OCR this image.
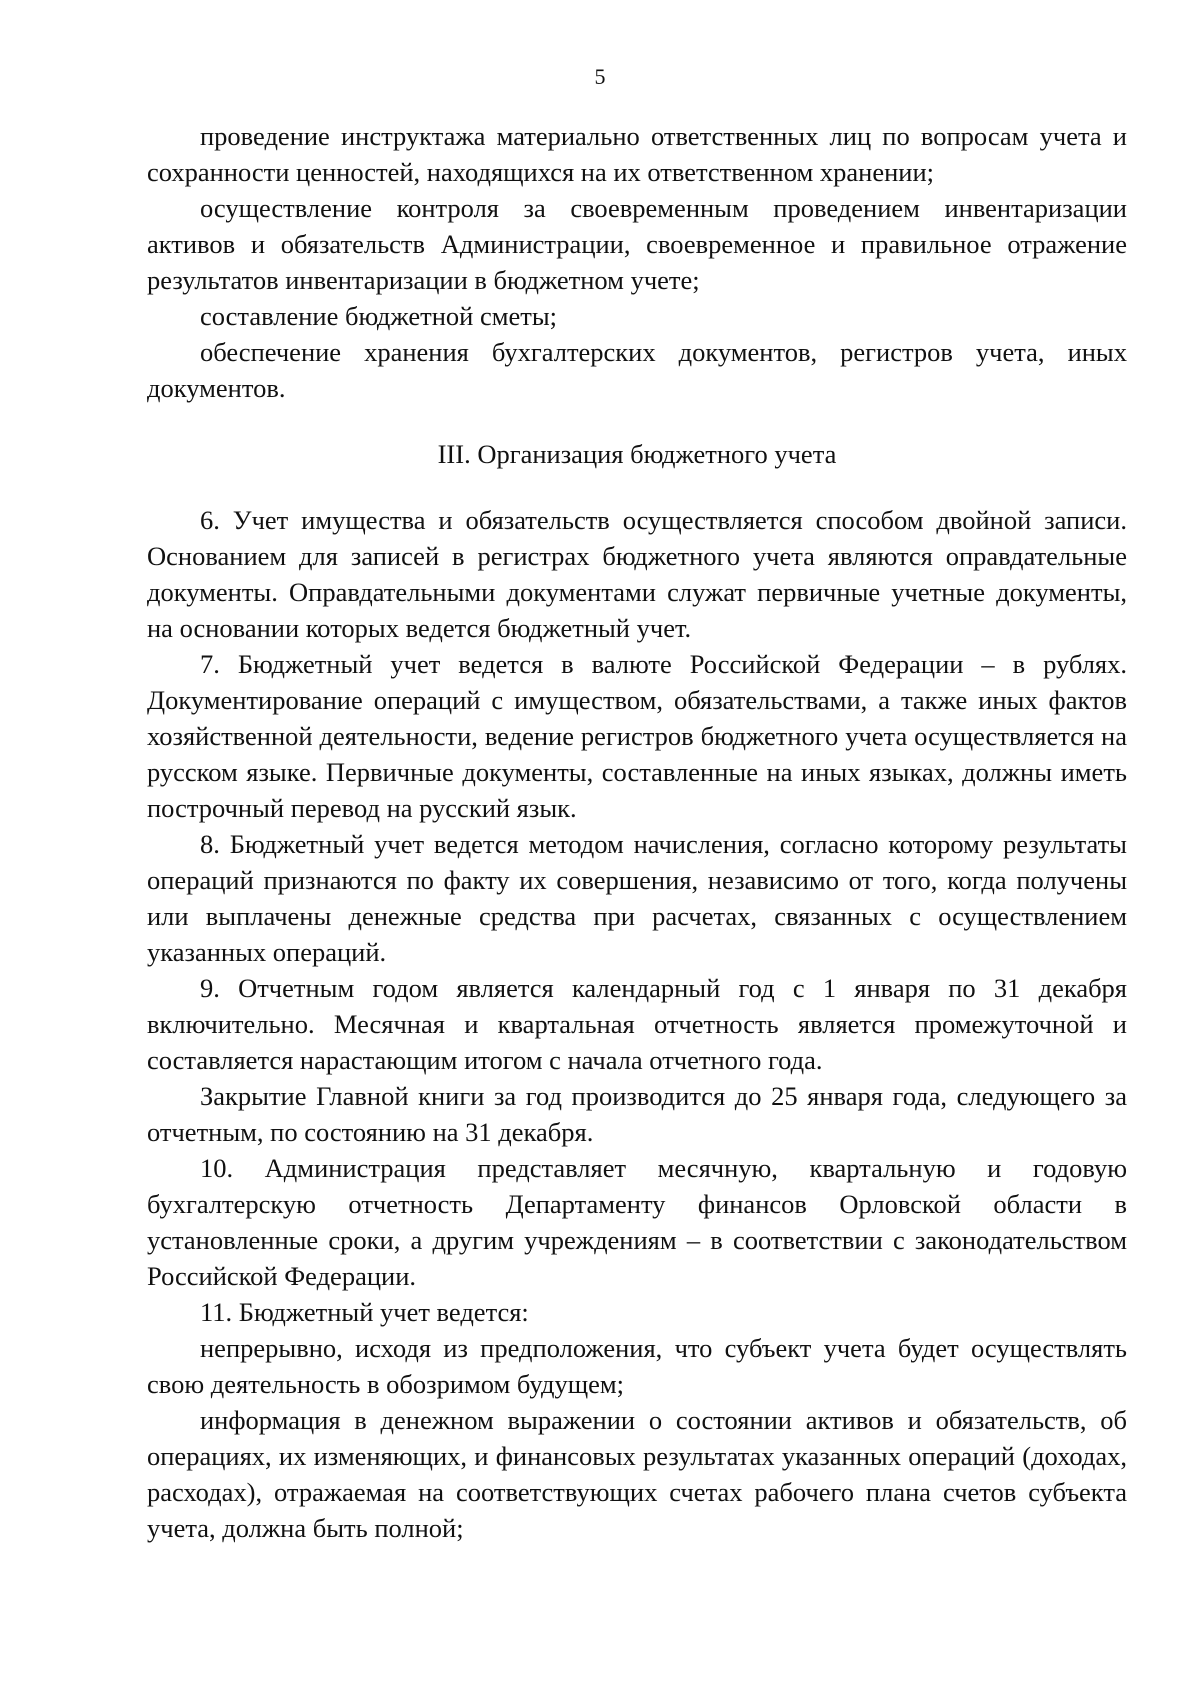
5

проведение инструктажа материально ответственных лиц по вопросам учета и сохранности ценностей, находящихся на их ответственном хранении;

осуществление контроля за своевременным проведением инвентаризации активов и обязательств Администрации, своевременное и правильное отражение результатов инвентаризации в бюджетном учете;

составление бюджетной сметы;

обеспечение хранения бухгалтерских документов, регистров учета, иных документов.

III. Организация бюджетного учета

6. Учет имущества и обязательств осуществляется способом двойной записи. Основанием для записей в регистрах бюджетного учета являются оправдательные документы. Оправдательными документами служат первичные учетные документы, на основании которых ведется бюджетный учет.

7. Бюджетный учет ведется в валюте Российской Федерации – в рублях. Документирование операций с имуществом, обязательствами, а также иных фактов хозяйственной деятельности, ведение регистров бюджетного учета осуществляется на русском языке. Первичные документы, составленные на иных языках, должны иметь построчный перевод на русский язык.

8. Бюджетный учет ведется методом начисления, согласно которому результаты операций признаются по факту их совершения, независимо от того, когда получены или выплачены денежные средства при расчетах, связанных с осуществлением указанных операций.

9. Отчетным годом является календарный год с 1 января по 31 декабря включительно. Месячная и квартальная отчетность является промежуточной и составляется нарастающим итогом с начала отчетного года.

Закрытие Главной книги за год производится до 25 января года, следующего за отчетным, по состоянию на 31 декабря.

10. Администрация представляет месячную, квартальную и годовую бухгалтерскую отчетность Департаменту финансов Орловской области в установленные сроки, а другим учреждениям – в соответствии с законодательством Российской Федерации.

11. Бюджетный учет ведется:

непрерывно, исходя из предположения, что субъект учета будет осуществлять свою деятельность в обозримом будущем;

информация в денежном выражении о состоянии активов и обязательств, об операциях, их изменяющих, и финансовых результатах указанных операций (доходах, расходах), отражаемая на соответствующих счетах рабочего плана счетов субъекта учета, должна быть полной;
